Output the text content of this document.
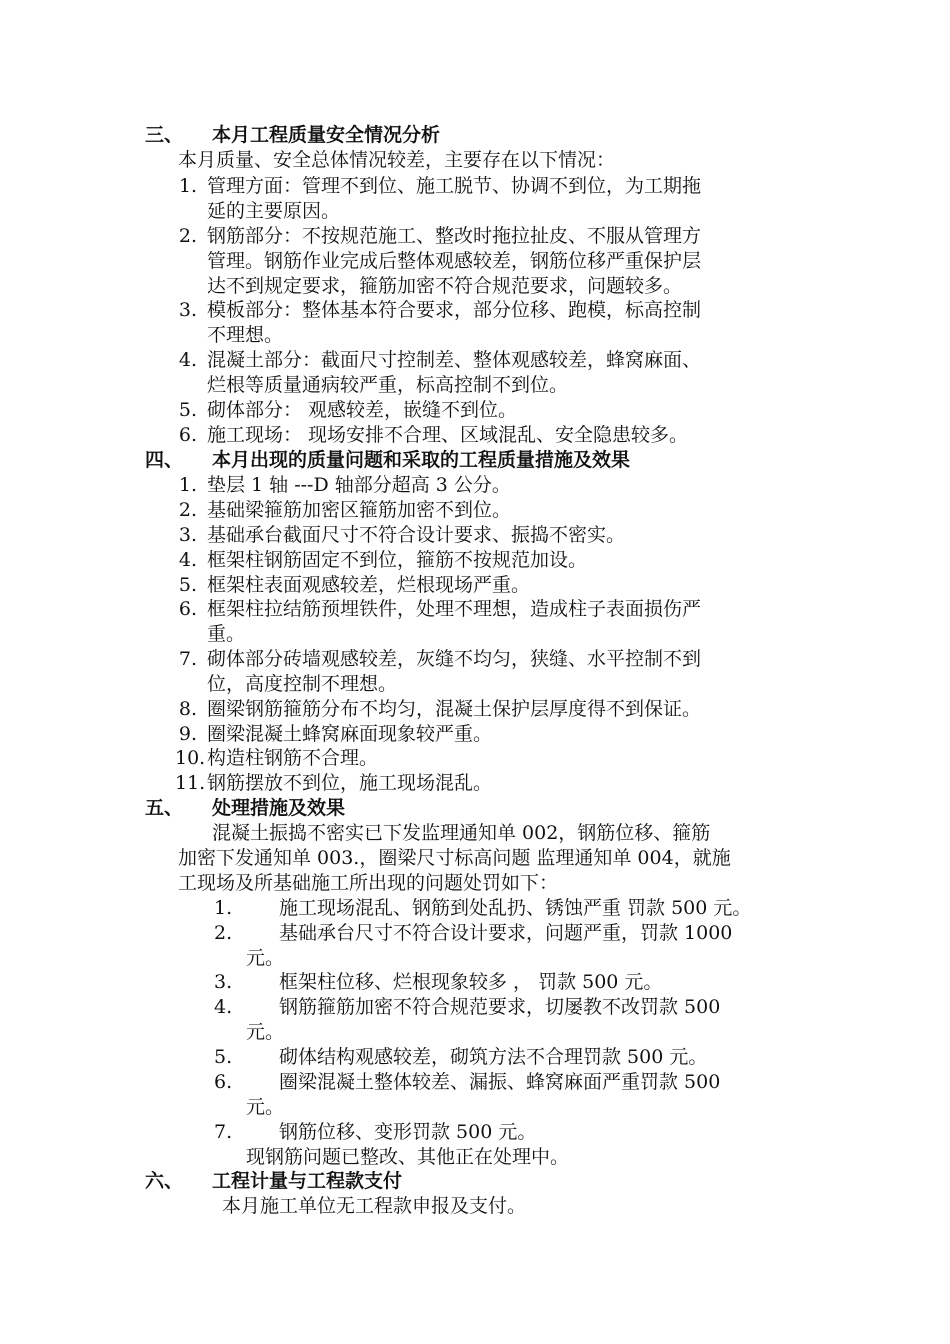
三、 本月工程质量安全情况分析
本月质量、安全总体情况较差，主要存在以下情况：
1. 管理方面：管理不到位、施工脱节、协调不到位，为工期拖
延的主要原因。
2. 钢筋部分：不按规范施工、整改时拖拉扯皮、不服从管理方
管理。钢筋作业完成后整体观感较差，钢筋位移严重保护层
达不到规定要求，箍筋加密不符合规范要求，问题较多。
3. 模板部分：整体基本符合要求，部分位移、跑模，标高控制
不理想。
4. 混凝土部分：截面尺寸控制差、整体观感较差，蜂窝麻面、
烂根等质量通病较严重，标高控制不到位。
5. 砌体部分： 观感较差，嵌缝不到位。
6. 施工现场： 现场安排不合理、区域混乱、安全隐患较多。
四、 本月出现的质量问题和采取的工程质量措施及效果
1. 垫层 1 轴 ---D 轴部分超高 3 公分。
2. 基础梁箍筋加密区箍筋加密不到位。
3. 基础承台截面尺寸不符合设计要求、振捣不密实。
4. 框架柱钢筋固定不到位，箍筋不按规范加设。
5. 框架柱表面观感较差，烂根现场严重。
6. 框架柱拉结筋预埋铁件，处理不理想，造成柱子表面损伤严
重。
7. 砌体部分砖墙观感较差，灰缝不均匀，狭缝、水平控制不到
位，高度控制不理想。
8. 圈梁钢筋箍筋分布不均匀，混凝土保护层厚度得不到保证。
9. 圈梁混凝土蜂窝麻面现象较严重。
10. 构造柱钢筋不合理。
11. 钢筋摆放不到位，施工现场混乱。
五、 处理措施及效果
混凝土振捣不密实已下发监理通知单 002，钢筋位移、箍筋
加密下发通知单 003.，圈梁尺寸标高问题 监理通知单 004，就施
工现场及所基础施工所出现的问题处罚如下：
1. 施工现场混乱、钢筋到处乱扔、锈蚀严重 罚款 500 元。
2. 基础承台尺寸不符合设计要求，问题严重，罚款 1000
元。
3. 框架柱位移、烂根现象较多 ， 罚款 500 元。
4. 钢筋箍筋加密不符合规范要求，切屡教不改罚款 500
元。
5. 砌体结构观感较差，砌筑方法不合理罚款 500 元。
6. 圈梁混凝土整体较差、漏振、蜂窝麻面严重罚款 500
元。
7. 钢筋位移、变形罚款 500 元。
现钢筋问题已整改、其他正在处理中。
六、 工程计量与工程款支付
本月施工单位无工程款申报及支付。
